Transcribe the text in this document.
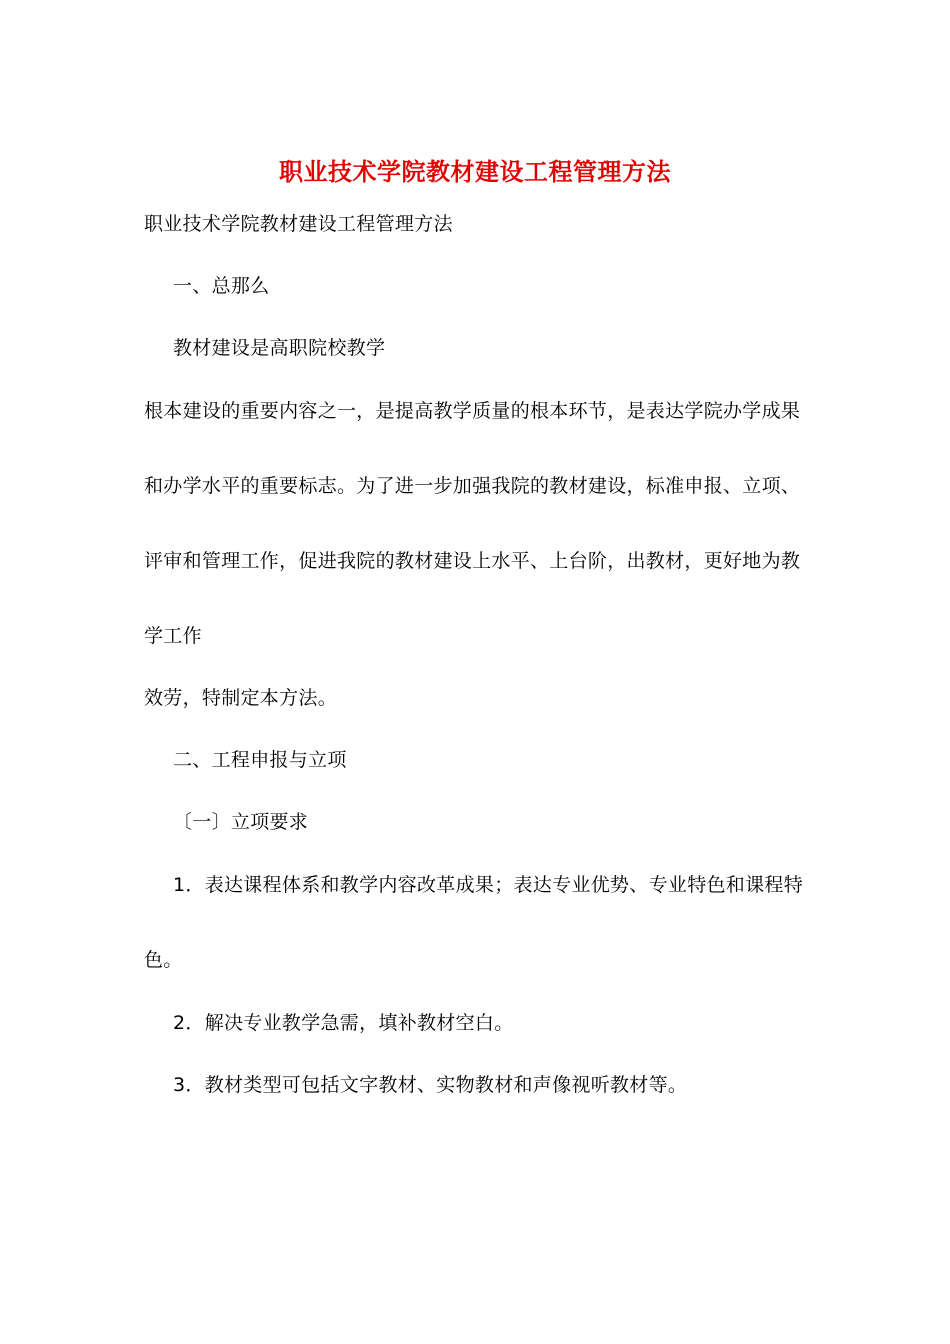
职业技术学院教材建设工程管理方法
职业技术学院教材建设工程管理方法
一、总那么
教材建设是高职院校教学
根本建设的重要内容之一，是提高教学质量的根本环节，是表达学院办学成果
和办学水平的重要标志。为了进一步加强我院的教材建设，标准申报、立项、
评审和管理工作，促进我院的教材建设上水平、上台阶，出教材，更好地为教
学工作
效劳，特制定本方法。
二、工程申报与立项
〔一〕立项要求
1．表达课程体系和教学内容改革成果；表达专业优势、专业特色和课程特
色。
2．解决专业教学急需，填补教材空白。
3．教材类型可包括文字教材、实物教材和声像视听教材等。
